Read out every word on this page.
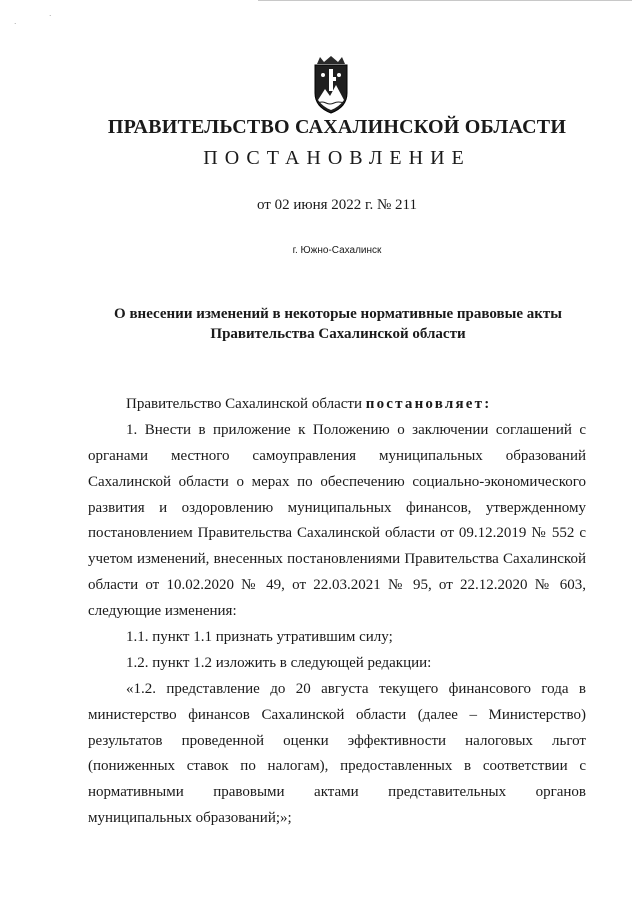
·
·
ПРАВИТЕЛЬСТВО САХАЛИНСКОЙ ОБЛАСТИ
ПОСТАНОВЛЕНИЕ
от 02 июня 2022 г. № 211
г. Южно-Сахалинск
О внесении изменений в некоторые нормативные правовые акты
Правительства Сахалинской области
Правительство Сахалинской области постановляет:
1. Внести в приложение к Положению о заключении соглашений с
органами местного самоуправления муниципальных образований
Сахалинской области о мерах по обеспечению социально-экономического
развития и оздоровлению муниципальных финансов, утвержденному
постановлением Правительства Сахалинской области от 09.12.2019 № 552 с
учетом изменений, внесенных постановлениями Правительства Сахалинской
области от 10.02.2020 № 49, от 22.03.2021 № 95, от 22.12.2020 № 603,
следующие изменения:
1.1. пункт 1.1 признать утратившим силу;
1.2. пункт 1.2 изложить в следующей редакции:
«1.2. представление до 20 августа текущего финансового года в
министерство финансов Сахалинской области (далее – Министерство)
результатов проведенной оценки эффективности налоговых льгот
(пониженных ставок по налогам), предоставленных в соответствии с
нормативными правовыми актами представительных органов
муниципальных образований;»;
